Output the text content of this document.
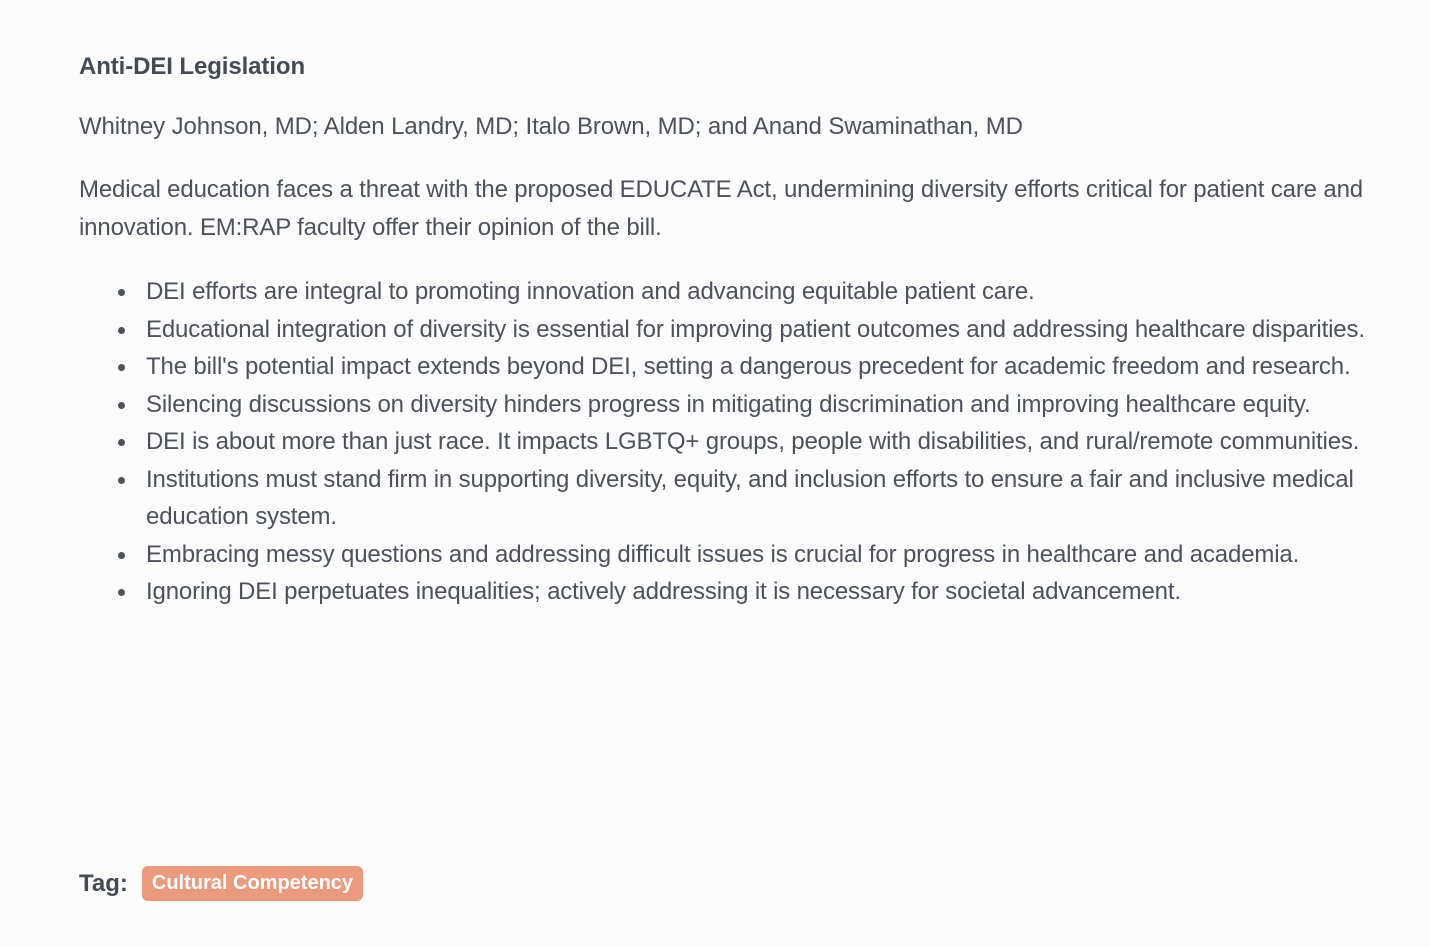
Anti-DEI Legislation

Whitney Johnson, MD; Alden Landry, MD; Italo Brown, MD; and Anand Swaminathan, MD

Medical education faces a threat with the proposed EDUCATE Act, undermining diversity efforts critical for patient care and innovation. EM:RAP faculty offer their opinion of the bill.

DEI efforts are integral to promoting innovation and advancing equitable patient care.
Educational integration of diversity is essential for improving patient outcomes and addressing healthcare disparities.
The bill's potential impact extends beyond DEI, setting a dangerous precedent for academic freedom and research.
Silencing discussions on diversity hinders progress in mitigating discrimination and improving healthcare equity.
DEI is about more than just race. It impacts LGBTQ+ groups, people with disabilities, and rural/remote communities.
Institutions must stand firm in supporting diversity, equity, and inclusion efforts to ensure a fair and inclusive medical education system.
Embracing messy questions and addressing difficult issues is crucial for progress in healthcare and academia.
Ignoring DEI perpetuates inequalities; actively addressing it is necessary for societal advancement.
Tag:	Cultural Competency
